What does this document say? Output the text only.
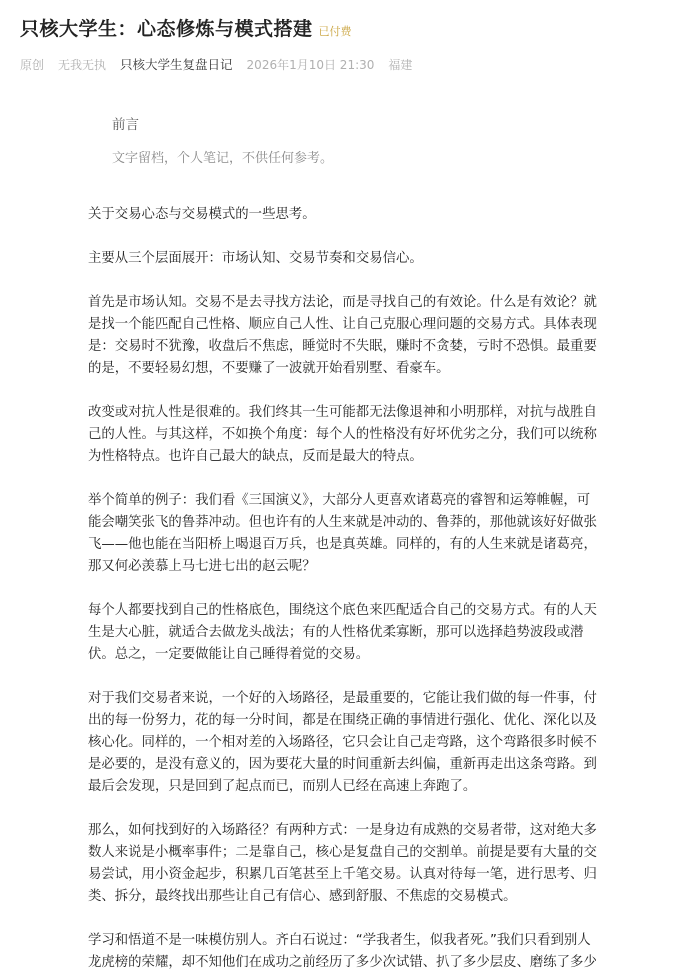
只核大学生：心态修炼与模式搭建 已付费
原创 无我无执 只核大学生复盘日记 2026年1月10日 21:30 福建
前言
文字留档，个人笔记，不供任何参考。

关于交易心态与交易模式的一些思考。

主要从三个层面展开：市场认知、交易节奏和交易信心。

首先是市场认知。交易不是去寻找方法论，而是寻找自己的有效论。什么是有效论？就是找一个能匹配自己性格、顺应自己人性、让自己克服心理问题的交易方式。具体表现是：交易时不犹豫，收盘后不焦虑，睡觉时不失眠，赚时不贪婪，亏时不恐惧。最重要的是，不要轻易幻想，不要赚了一波就开始看别墅、看豪车。

改变或对抗人性是很难的。我们终其一生可能都无法像退神和小明那样，对抗与战胜自己的人性。与其这样，不如换个角度：每个人的性格没有好坏优劣之分，我们可以统称为性格特点。也许自己最大的缺点，反而是最大的特点。

举个简单的例子：我们看《三国演义》，大部分人更喜欢诸葛亮的睿智和运筹帷幄，可能会嘲笑张飞的鲁莽冲动。但也许有的人生来就是冲动的、鲁莽的，那他就该好好做张飞——他也能在当阳桥上喝退百万兵，也是真英雄。同样的，有的人生来就是诸葛亮，那又何必羡慕上马七进七出的赵云呢？

每个人都要找到自己的性格底色，围绕这个底色来匹配适合自己的交易方式。有的人天生是大心脏，就适合去做龙头战法；有的人性格优柔寡断，那可以选择趋势波段或潜伏。总之，一定要做能让自己睡得着觉的交易。

对于我们交易者来说，一个好的入场路径，是最重要的，它能让我们做的每一件事，付出的每一份努力，花的每一分时间，都是在围绕正确的事情进行强化、优化、深化以及核心化。同样的，一个相对差的入场路径，它只会让自己走弯路，这个弯路很多时候不是必要的，是没有意义的，因为要花大量的时间重新去纠偏，重新再走出这条弯路。到最后会发现，只是回到了起点而已，而别人已经在高速上奔跑了。

那么，如何找到好的入场路径？有两种方式：一是身边有成熟的交易者带，这对绝大多数人来说是小概率事件；二是靠自己，核心是复盘自己的交割单。前提是要有大量的交易尝试，用小资金起步，积累几百笔甚至上千笔交易。认真对待每一笔，进行思考、归类、拆分，最终找出那些让自己有信心、感到舒服、不焦虑的交易模式。

学习和悟道不是一味模仿别人。齐白石说过：“学我者生，似我者死。”我们只看到别人龙虎榜的荣耀，却不知他们在成功之前经历了多少次试错、扒了多少层皮、磨练了多少
